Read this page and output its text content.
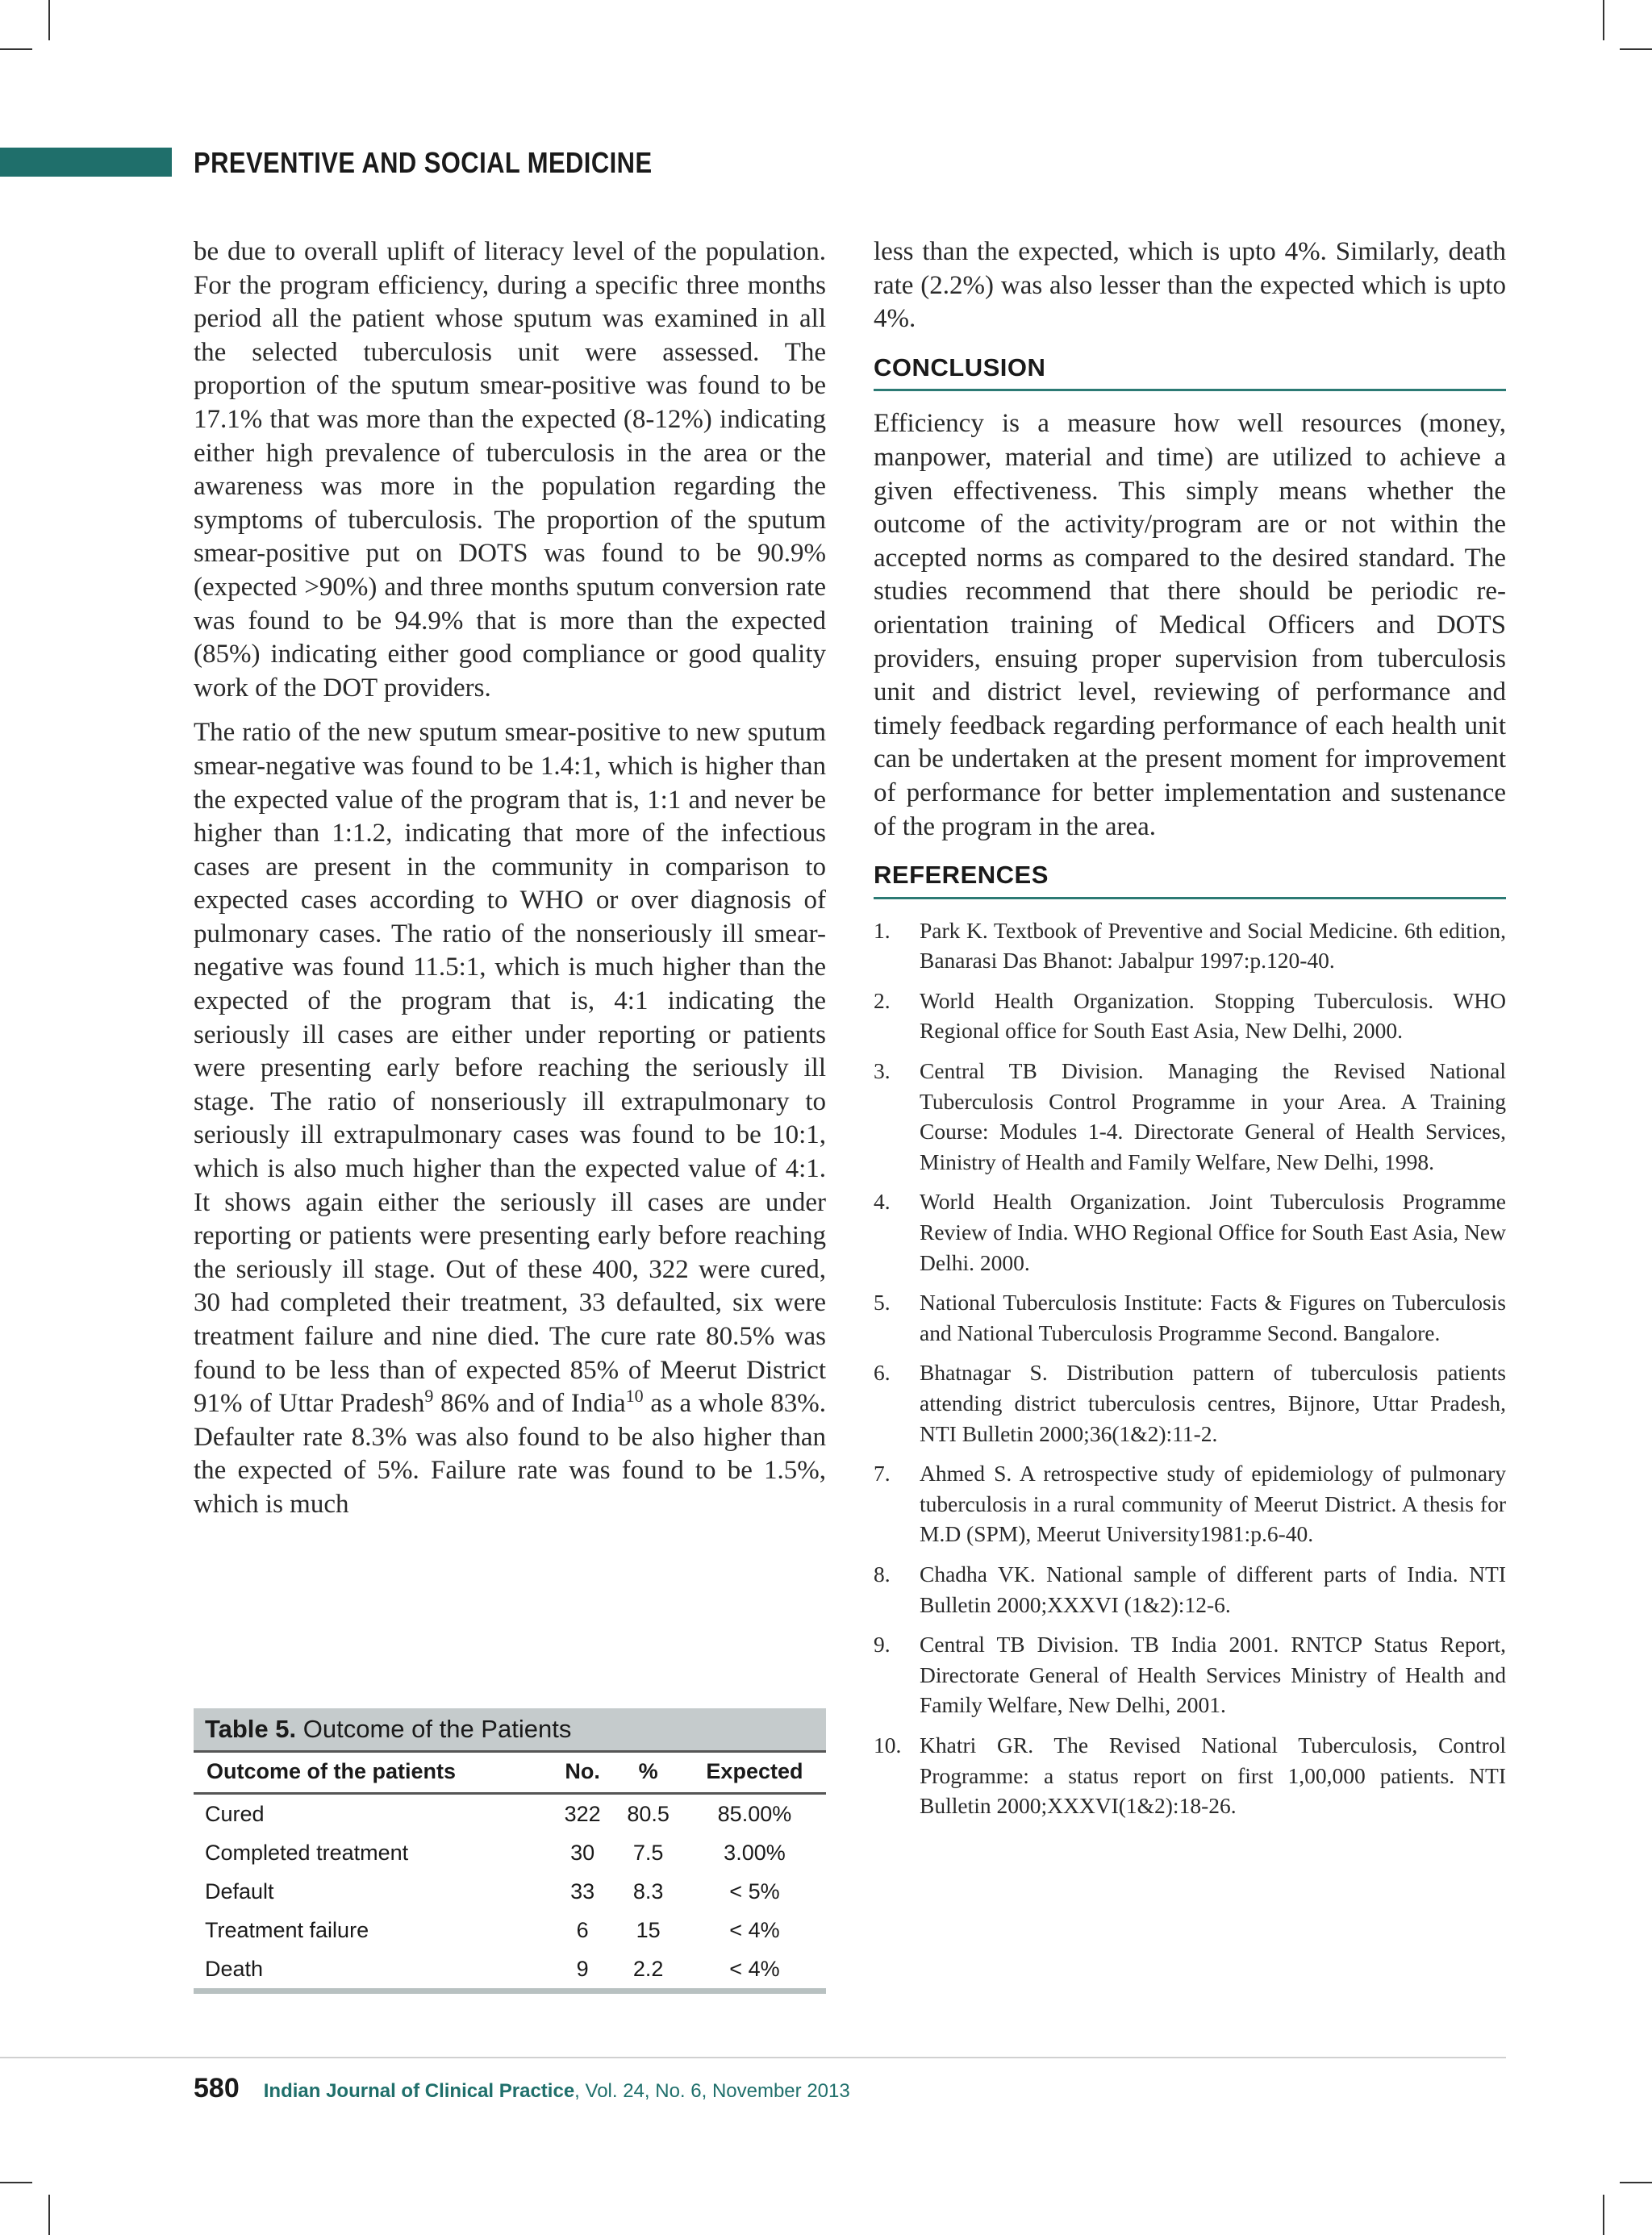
PREVENTIVE AND SOCIAL MEDICINE

be due to overall uplift of literacy level of the population. For the program efficiency, during a specific three months period all the patient whose sputum was examined in all the selected tuberculosis unit were assessed. The proportion of the sputum smear-positive was found to be 17.1% that was more than the expected (8-12%) indicating either high prevalence of tuberculosis in the area or the awareness was more in the population regarding the symptoms of tuberculosis. The proportion of the sputum smear-positive put on DOTS was found to be 90.9% (expected >90%) and three months sputum conversion rate was found to be 94.9% that is more than the expected (85%) indicating either good compliance or good quality work of the DOT providers.

The ratio of the new sputum smear-positive to new sputum smear-negative was found to be 1.4:1, which is higher than the expected value of the program that is, 1:1 and never be higher than 1:1.2, indicating that more of the infectious cases are present in the community in comparison to expected cases according to WHO or over diagnosis of pulmonary cases. The ratio of the nonseriously ill smear-negative was found 11.5:1, which is much higher than the expected of the program that is, 4:1 indicating the seriously ill cases are either under reporting or patients were presenting early before reaching the seriously ill stage. The ratio of nonseriously ill extrapulmonary to seriously ill extrapulmonary cases was found to be 10:1, which is also much higher than the expected value of 4:1. It shows again either the seriously ill cases are under reporting or patients were presenting early before reaching the seriously ill stage. Out of these 400, 322 were cured, 30 had completed their treatment, 33 defaulted, six were treatment failure and nine died. The cure rate 80.5% was found to be less than of expected 85% of Meerut District 91% of Uttar Pradesh$^9$ 86% and of India$^{10}$ as a whole 83%. Defaulter rate 8.3% was also found to be also higher than the expected of 5%. Failure rate was found to be 1.5%, which is much

Table 5. Outcome of the Patients
Outcome of the patients	No.	%	Expected
Cured	322	80.5	85.00%
Completed treatment	30	7.5	3.00%
Default	33	8.3	< 5%
Treatment failure	6	15	< 4%
Death	9	2.2	< 4%

less than the expected, which is upto 4%. Similarly, death rate (2.2%) was also lesser than the expected which is upto 4%.

CONCLUSION

Efficiency is a measure how well resources (money, manpower, material and time) are utilized to achieve a given effectiveness. This simply means whether the outcome of the activity/program are or not within the accepted norms as compared to the desired standard. The studies recommend that there should be periodic re-orientation training of Medical Officers and DOTS providers, ensuing proper supervision from tuberculosis unit and district level, reviewing of performance and timely feedback regarding performance of each health unit can be undertaken at the present moment for improvement of performance for better implementation and sustenance of the program in the area.

REFERENCES
1. Park K. Textbook of Preventive and Social Medicine. 6th edition, Banarasi Das Bhanot: Jabalpur 1997:p.120-40.
2. World Health Organization. Stopping Tuberculosis. WHO Regional office for South East Asia, New Delhi, 2000.
3. Central TB Division. Managing the Revised National Tuberculosis Control Programme in your Area. A Training Course: Modules 1-4. Directorate General of Health Services, Ministry of Health and Family Welfare, New Delhi, 1998.
4. World Health Organization. Joint Tuberculosis Programme Review of India. WHO Regional Office for South East Asia, New Delhi. 2000.
5. National Tuberculosis Institute: Facts & Figures on Tuberculosis and National Tuberculosis Programme Second. Bangalore.
6. Bhatnagar S. Distribution pattern of tuberculosis patients attending district tuberculosis centres, Bijnore, Uttar Pradesh, NTI Bulletin 2000;36(1&2):11-2.
7. Ahmed S. A retrospective study of epidemiology of pulmonary tuberculosis in a rural community of Meerut District. A thesis for M.D (SPM), Meerut University1981:p.6-40.
8. Chadha VK. National sample of different parts of India. NTI Bulletin 2000;XXXVI (1&2):12-6.
9. Central TB Division. TB India 2001. RNTCP Status Report, Directorate General of Health Services Ministry of Health and Family Welfare, New Delhi, 2001.
10. Khatri GR. The Revised National Tuberculosis, Control Programme: a status report on first 1,00,000 patients. NTI Bulletin 2000;XXXVI(1&2):18-26.
580 Indian Journal of Clinical Practice, Vol. 24, No. 6, November 2013
